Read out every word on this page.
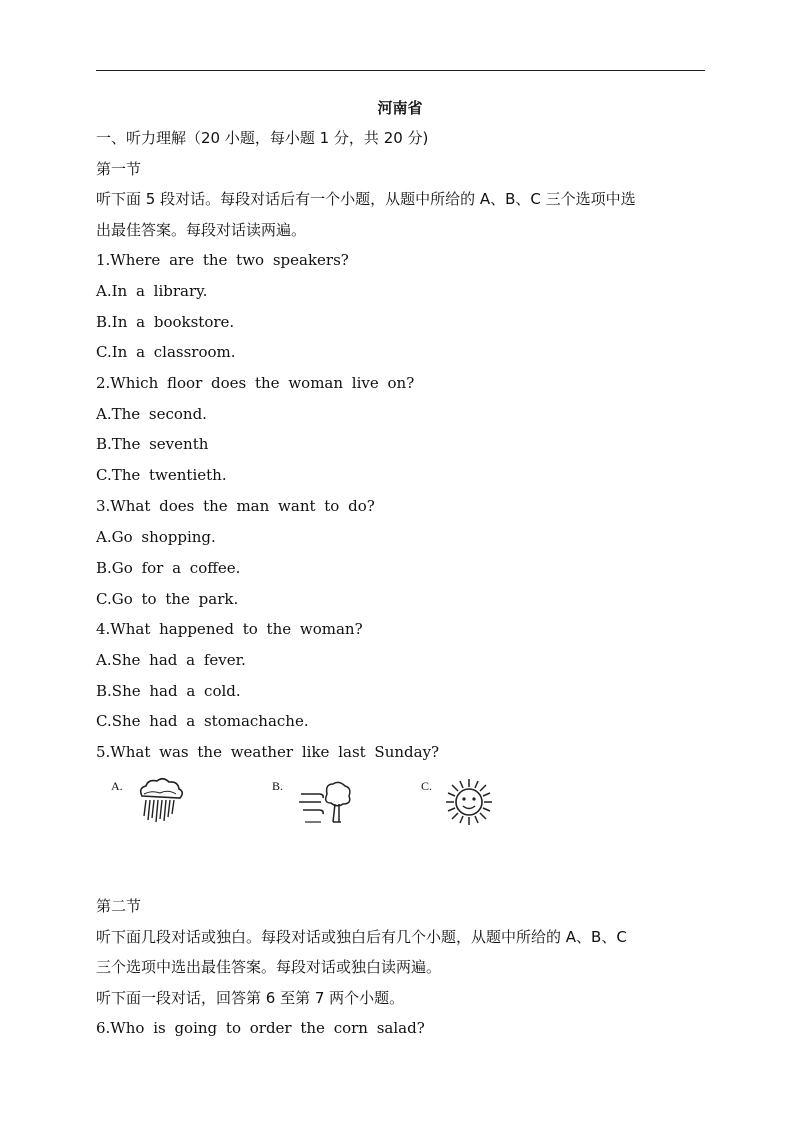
河南省
一、听力理解（20 小题，每小题 1 分，共 20 分)
第一节
听下面 5 段对话。每段对话后有一个小题，从题中所给的 A、B、C 三个选项中选
出最佳答案。每段对话读两遍。
1.Where are the two speakers?
A.In a library.
B.In a bookstore.
C.In a classroom.
2.Which floor does the woman live on?
A.The second.
B.The seventh
C.The twentieth.
3.What does the man want to do?
A.Go shopping.
B.Go for a coffee.
C.Go to the park.
4.What happened to the woman?
A.She had a fever.
B.She had a cold.
C.She had a stomachache.
5.What was the weather like last Sunday?
A.	B.	C.
第二节
听下面几段对话或独白。每段对话或独白后有几个小题，从题中所给的 A、B、C
三个选项中选出最佳答案。每段对话或独白读两遍。
听下面一段对话，回答第 6 至第 7 两个小题。
6.Who is going to order the corn salad?
